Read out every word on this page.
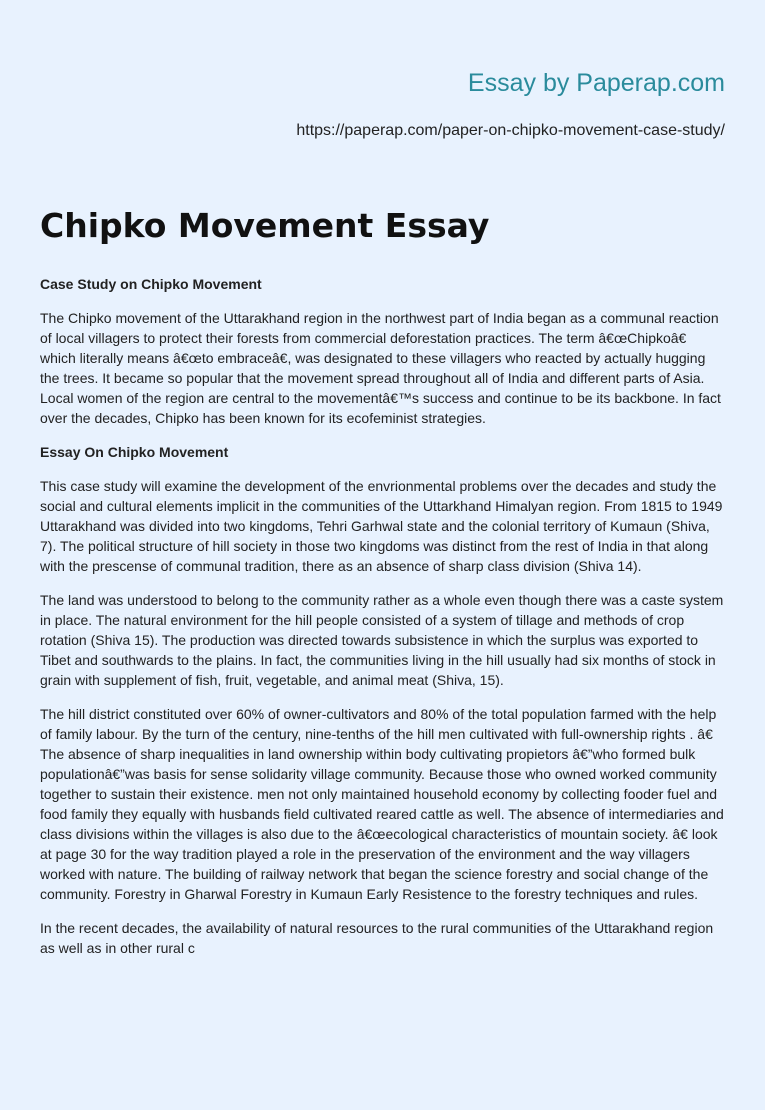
Essay by Paperap.com
https://paperap.com/paper-on-chipko-movement-case-study/
Chipko Movement Essay

Case Study on Chipko Movement

The Chipko movement of the Uttarakhand region in the northwest part of India began as a communal reaction of local villagers to protect their forests from commercial deforestation practices. The term â€œChipkoâ€ which literally means â€œto embraceâ€, was designated to these villagers who reacted by actually hugging the trees. It became so popular that the movement spread throughout all of India and different parts of Asia. Local women of the region are central to the movementâ€™s success and continue to be its backbone. In fact over the decades, Chipko has been known for its ecofeminist strategies.

Essay On Chipko Movement

This case study will examine the development of the envrionmental problems over the decades and study the social and cultural elements implicit in the communities of the Uttarkhand Himalyan region. From 1815 to 1949 Uttarakhand was divided into two kingdoms, Tehri Garhwal state and the colonial territory of Kumaun (Shiva, 7). The political structure of hill society in those two kingdoms was distinct from the rest of India in that along with the prescense of communal tradition, there as an absence of sharp class division (Shiva 14).

The land was understood to belong to the community rather as a whole even though there was a caste system in place. The natural environment for the hill people consisted of a system of tillage and methods of crop rotation (Shiva 15). The production was directed towards subsistence in which the surplus was exported to Tibet and southwards to the plains. In fact, the communities living in the hill usually had six months of stock in grain with supplement of fish, fruit, vegetable, and animal meat (Shiva, 15).

The hill district constituted over 60% of owner-cultivators and 80% of the total population farmed with the help of family labour. By the turn of the century, nine-tenths of the hill men cultivated with full-ownership rights . â€ The absence of sharp inequalities in land ownership within body cultivating propietors â€”who formed bulk populationâ€”was basis for sense solidarity village community. Because those who owned worked community together to sustain their existence. men not only maintained household economy by collecting fooder fuel and food family they equally with husbands field cultivated reared cattle as well. The absence of intermediaries and class divisions within the villages is also due to the â€œecological characteristics of mountain society. â€ look at page 30 for the way tradition played a role in the preservation of the environment and the way villagers worked with nature. The building of railway network that began the science forestry and social change of the community. Forestry in Gharwal Forestry in Kumaun Early Resistence to the forestry techniques and rules.

In the recent decades, the availability of natural resources to the rural communities of the Uttarakhand region as well as in other rural c
